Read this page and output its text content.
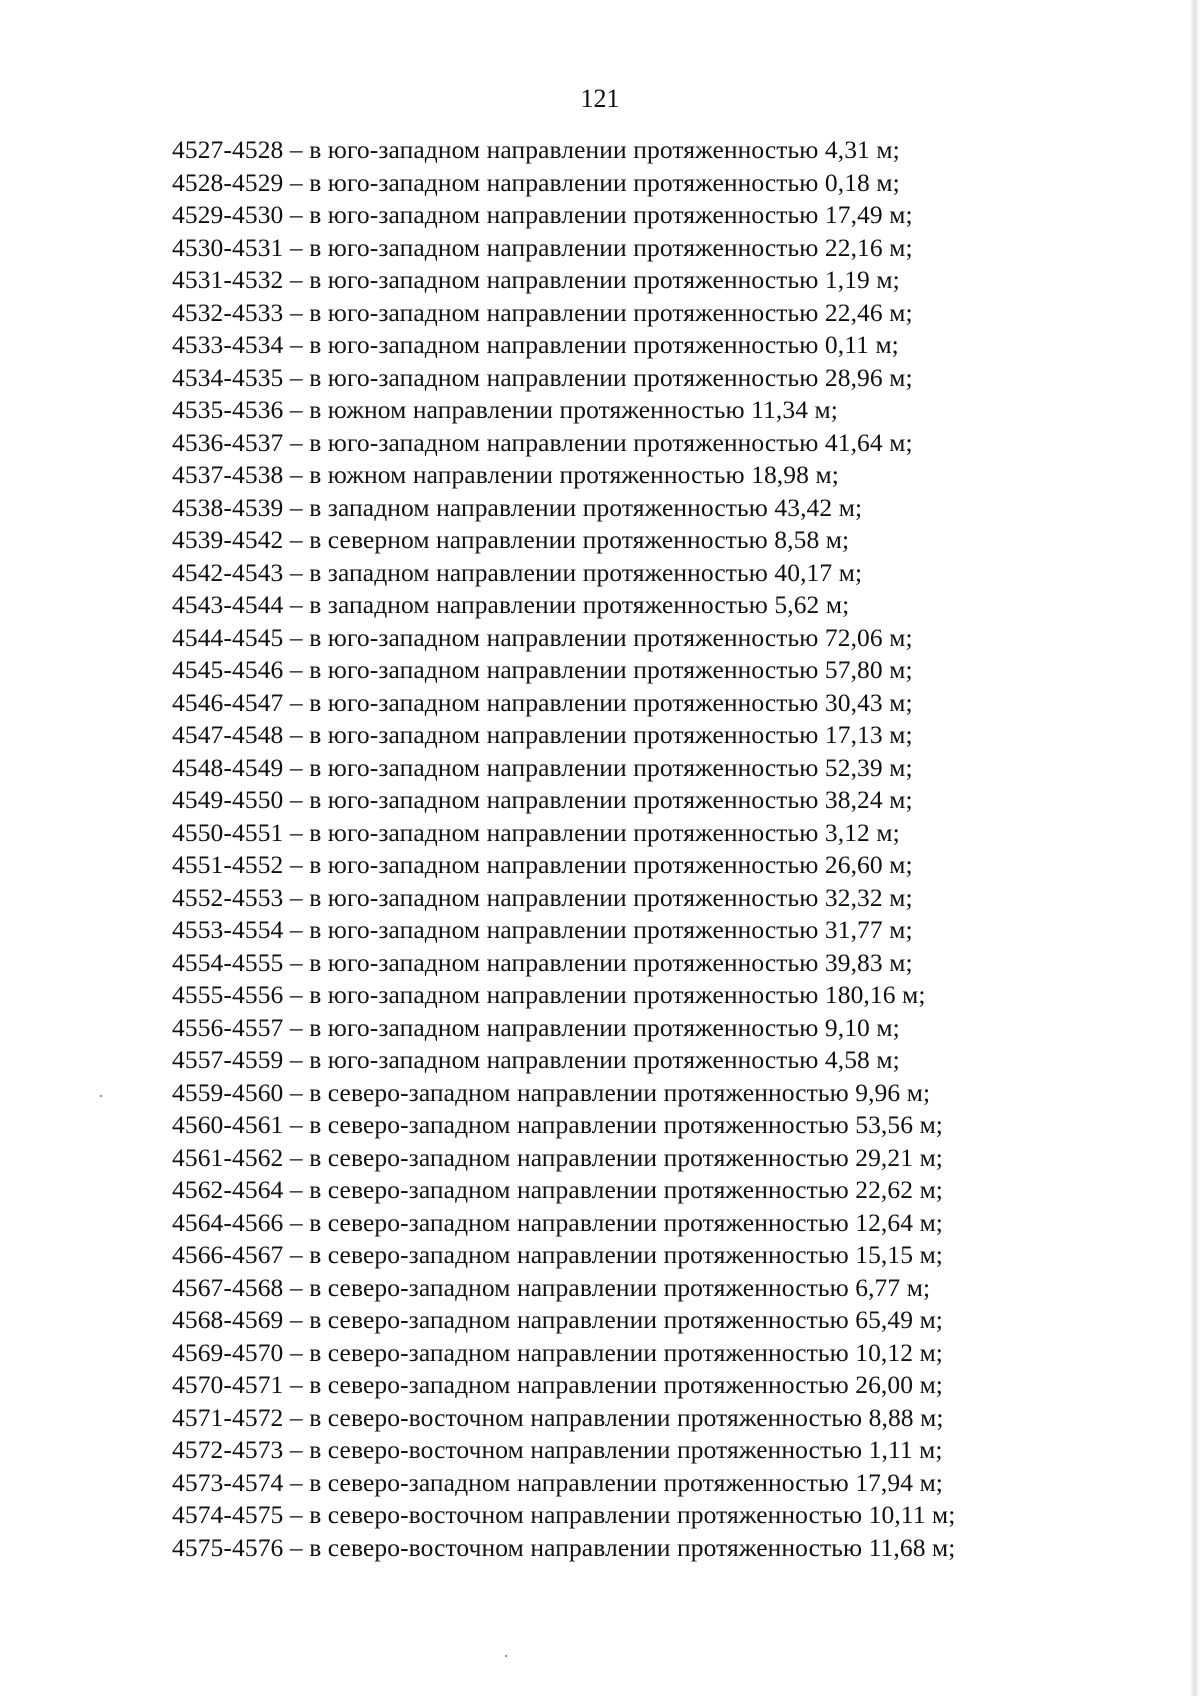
121
4527-4528 – в юго-западном направлении протяженностью 4,31 м;
4528-4529 – в юго-западном направлении протяженностью 0,18 м;
4529-4530 – в юго-западном направлении протяженностью 17,49 м;
4530-4531 – в юго-западном направлении протяженностью 22,16 м;
4531-4532 – в юго-западном направлении протяженностью 1,19 м;
4532-4533 – в юго-западном направлении протяженностью 22,46 м;
4533-4534 – в юго-западном направлении протяженностью 0,11 м;
4534-4535 – в юго-западном направлении протяженностью 28,96 м;
4535-4536 – в южном направлении протяженностью 11,34 м;
4536-4537 – в юго-западном направлении протяженностью 41,64 м;
4537-4538 – в южном направлении протяженностью 18,98 м;
4538-4539 – в западном направлении протяженностью 43,42 м;
4539-4542 – в северном направлении протяженностью 8,58 м;
4542-4543 – в западном направлении протяженностью 40,17 м;
4543-4544 – в западном направлении протяженностью 5,62 м;
4544-4545 – в юго-западном направлении протяженностью 72,06 м;
4545-4546 – в юго-западном направлении протяженностью 57,80 м;
4546-4547 – в юго-западном направлении протяженностью 30,43 м;
4547-4548 – в юго-западном направлении протяженностью 17,13 м;
4548-4549 – в юго-западном направлении протяженностью 52,39 м;
4549-4550 – в юго-западном направлении протяженностью 38,24 м;
4550-4551 – в юго-западном направлении протяженностью 3,12 м;
4551-4552 – в юго-западном направлении протяженностью 26,60 м;
4552-4553 – в юго-западном направлении протяженностью 32,32 м;
4553-4554 – в юго-западном направлении протяженностью 31,77 м;
4554-4555 – в юго-западном направлении протяженностью 39,83 м;
4555-4556 – в юго-западном направлении протяженностью 180,16 м;
4556-4557 – в юго-западном направлении протяженностью 9,10 м;
4557-4559 – в юго-западном направлении протяженностью 4,58 м;
4559-4560 – в северо-западном направлении протяженностью 9,96 м;
4560-4561 – в северо-западном направлении протяженностью 53,56 м;
4561-4562 – в северо-западном направлении протяженностью 29,21 м;
4562-4564 – в северо-западном направлении протяженностью 22,62 м;
4564-4566 – в северо-западном направлении протяженностью 12,64 м;
4566-4567 – в северо-западном направлении протяженностью 15,15 м;
4567-4568 – в северо-западном направлении протяженностью 6,77 м;
4568-4569 – в северо-западном направлении протяженностью 65,49 м;
4569-4570 – в северо-западном направлении протяженностью 10,12 м;
4570-4571 – в северо-западном направлении протяженностью 26,00 м;
4571-4572 – в северо-восточном направлении протяженностью 8,88 м;
4572-4573 – в северо-восточном направлении протяженностью 1,11 м;
4573-4574 – в северо-западном направлении протяженностью 17,94 м;
4574-4575 – в северо-восточном направлении протяженностью 10,11 м;
4575-4576 – в северо-восточном направлении протяженностью 11,68 м;
